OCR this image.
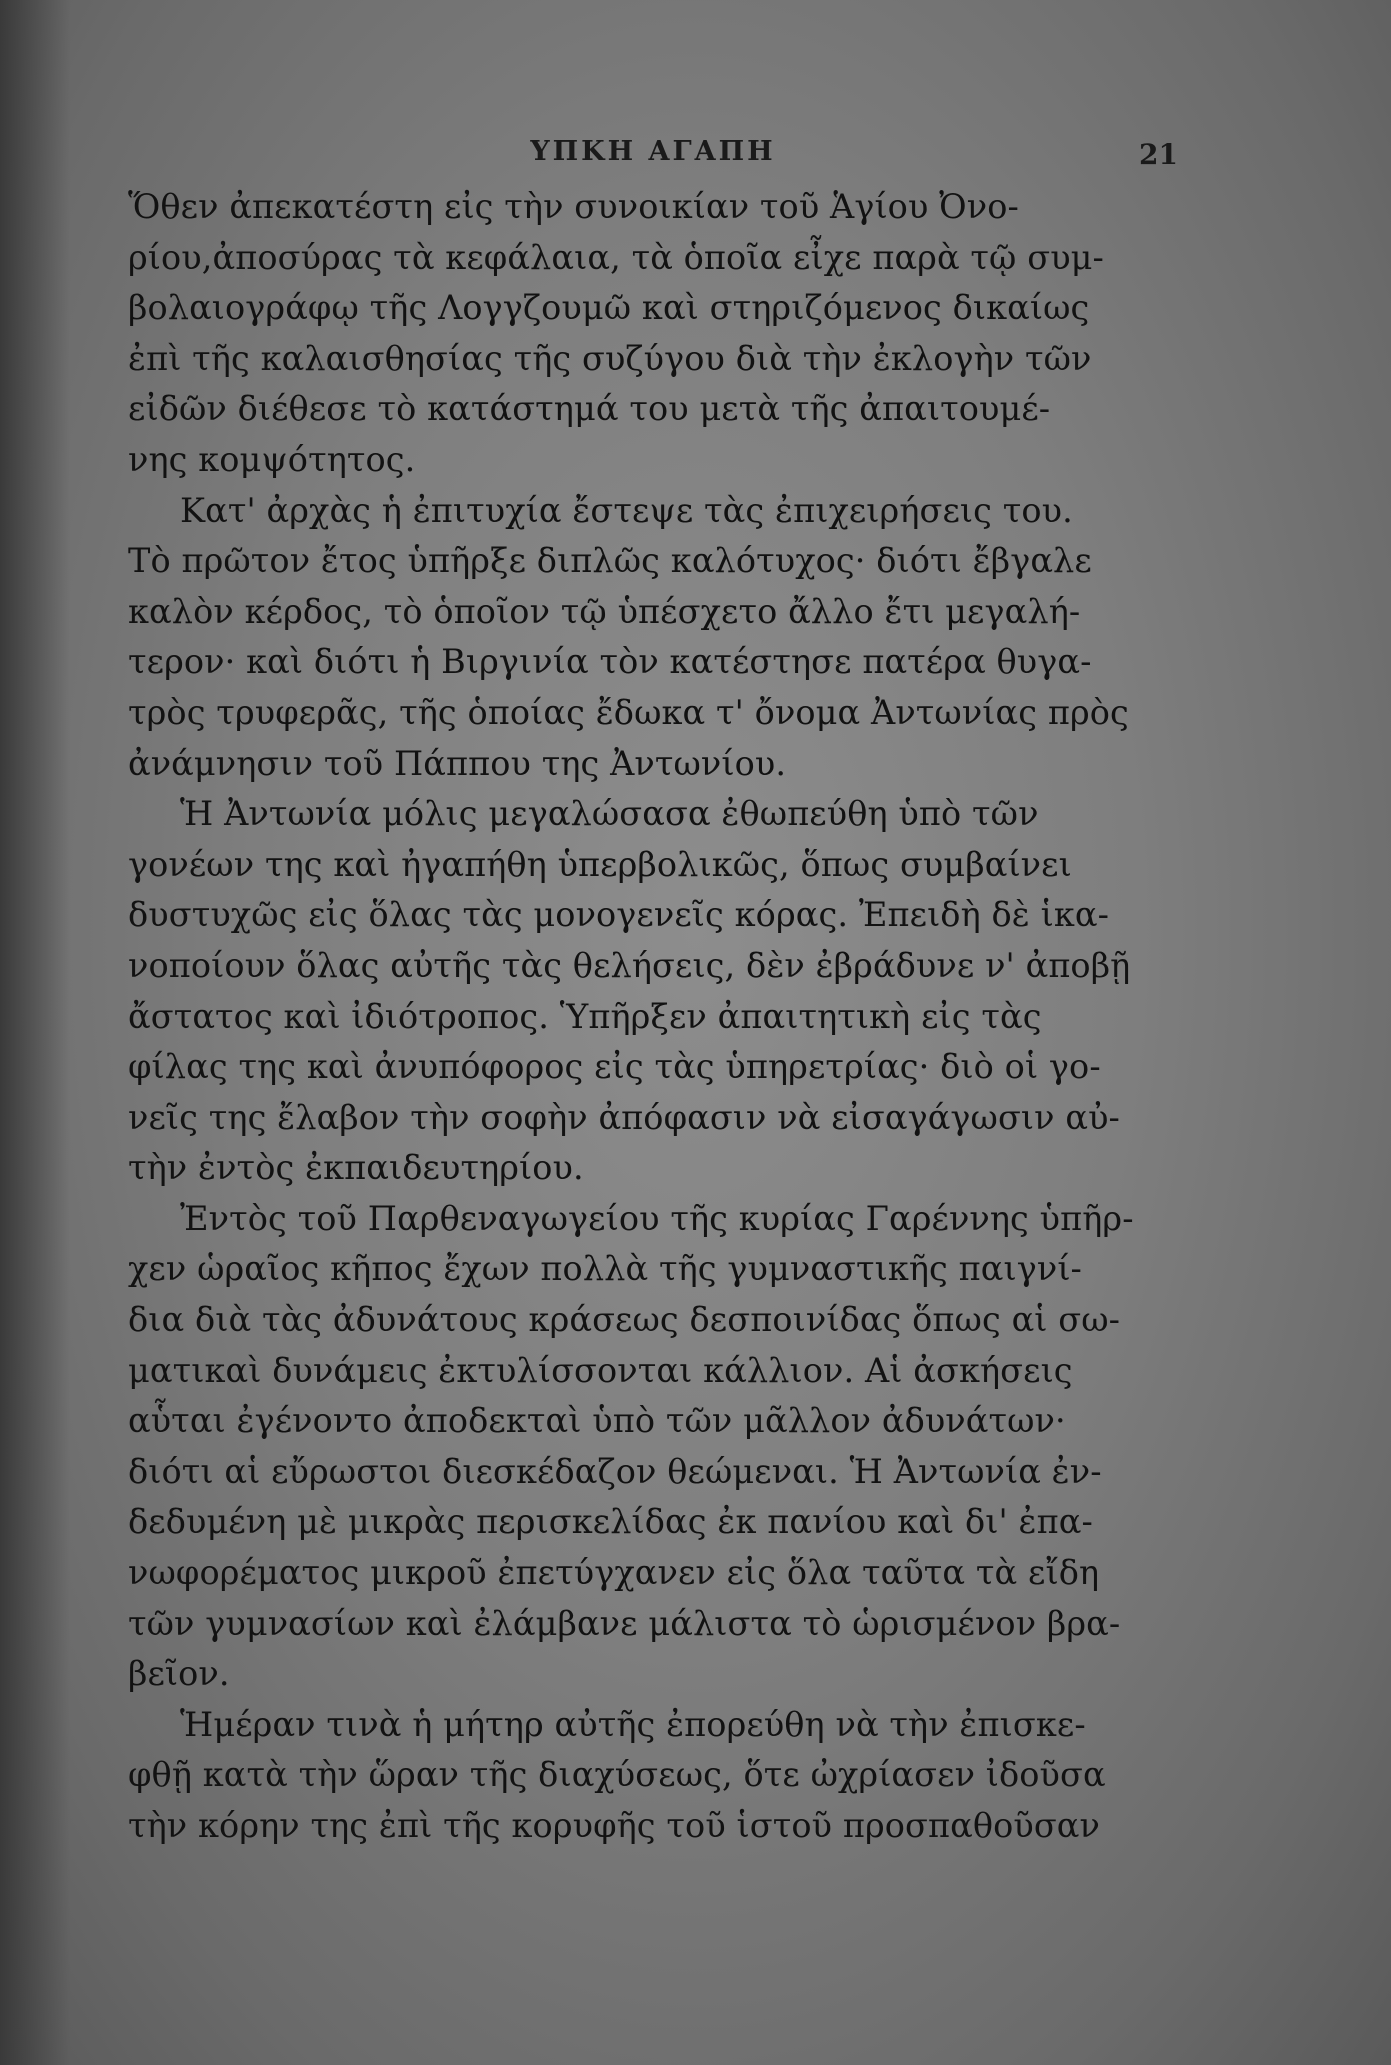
ΥΠΚΗ ΑΓΑΠΗ	21
Ὅθεν ἀπεκατέστη εἰς τὴν συνοικίαν τοῦ Ἁγίου Ὀνο-
ρίου,ἀποσύρας τὰ κεφάλαια, τὰ ὁποῖα εἶχε παρὰ τῷ συμ-
βολαιογράφῳ τῆς Λογγζουμῶ καὶ στηριζόμενος δικαίως
ἐπὶ τῆς καλαισθησίας τῆς συζύγου διὰ τὴν ἐκλογὴν τῶν
εἰδῶν διέθεσε τὸ κατάστημά του μετὰ τῆς ἀπαιτουμέ-
νης κομψότητος.
Κατ' ἀρχὰς ἡ ἐπιτυχία ἔστεψε τὰς ἐπιχειρήσεις του.
Τὸ πρῶτον ἔτος ὑπῆρξε διπλῶς καλότυχος· διότι ἔβγαλε
καλὸν κέρδος, τὸ ὁποῖον τῷ ὑπέσχετο ἄλλο ἔτι μεγαλή-
τερον· καὶ διότι ἡ Βιργινία τὸν κατέστησε πατέρα θυγα-
τρὸς τρυφερᾶς, τῆς ὁποίας ἔδωκα τ' ὄνομα Ἀντωνίας πρὸς
ἀνάμνησιν τοῦ Πάππου της Ἀντωνίου.
Ἡ Ἀντωνία μόλις μεγαλώσασα ἐθωπεύθη ὑπὸ τῶν
γονέων της καὶ ἠγαπήθη ὑπερβολικῶς, ὅπως συμβαίνει
δυστυχῶς εἰς ὅλας τὰς μονογενεῖς κόρας. Ἐπειδὴ δὲ ἱκα-
νοποίουν ὅλας αὐτῆς τὰς θελήσεις, δὲν ἐβράδυνε ν' ἀποβῇ
ἄστατος καὶ ἰδιότροπος. Ὑπῆρξεν ἀπαιτητικὴ εἰς τὰς
φίλας της καὶ ἀνυπόφορος εἰς τὰς ὑπηρετρίας· διὸ οἱ γο-
νεῖς της ἔλαβον τὴν σοφὴν ἀπόφασιν νὰ εἰσαγάγωσιν αὐ-
τὴν ἐντὸς ἐκπαιδευτηρίου.
Ἐντὸς τοῦ Παρθεναγωγείου τῆς κυρίας Γαρέννης ὑπῆρ-
χεν ὡραῖος κῆπος ἔχων πολλὰ τῆς γυμναστικῆς παιγνί-
δια διὰ τὰς ἀδυνάτους κράσεως δεσποινίδας ὅπως αἱ σω-
ματικαὶ δυνάμεις ἐκτυλίσσονται κάλλιον. Αἱ ἀσκήσεις
αὗται ἐγένοντο ἀποδεκταὶ ὑπὸ τῶν μᾶλλον ἀδυνάτων·
διότι αἱ εὔρωστοι διεσκέδαζον θεώμεναι. Ἡ Ἀντωνία ἐν-
δεδυμένη μὲ μικρὰς περισκελίδας ἐκ πανίου καὶ δι' ἐπα-
νωφορέματος μικροῦ ἐπετύγχανεν εἰς ὅλα ταῦτα τὰ εἴδη
τῶν γυμνασίων καὶ ἐλάμβανε μάλιστα τὸ ὡρισμένον βρα-
βεῖον.
Ἡμέραν τινὰ ἡ μήτηρ αὐτῆς ἐπορεύθη νὰ τὴν ἐπισκε-
φθῇ κατὰ τὴν ὥραν τῆς διαχύσεως, ὅτε ὠχρίασεν ἰδοῦσα
τὴν κόρην της ἐπὶ τῆς κορυφῆς τοῦ ἱστοῦ προσπαθοῦσαν
